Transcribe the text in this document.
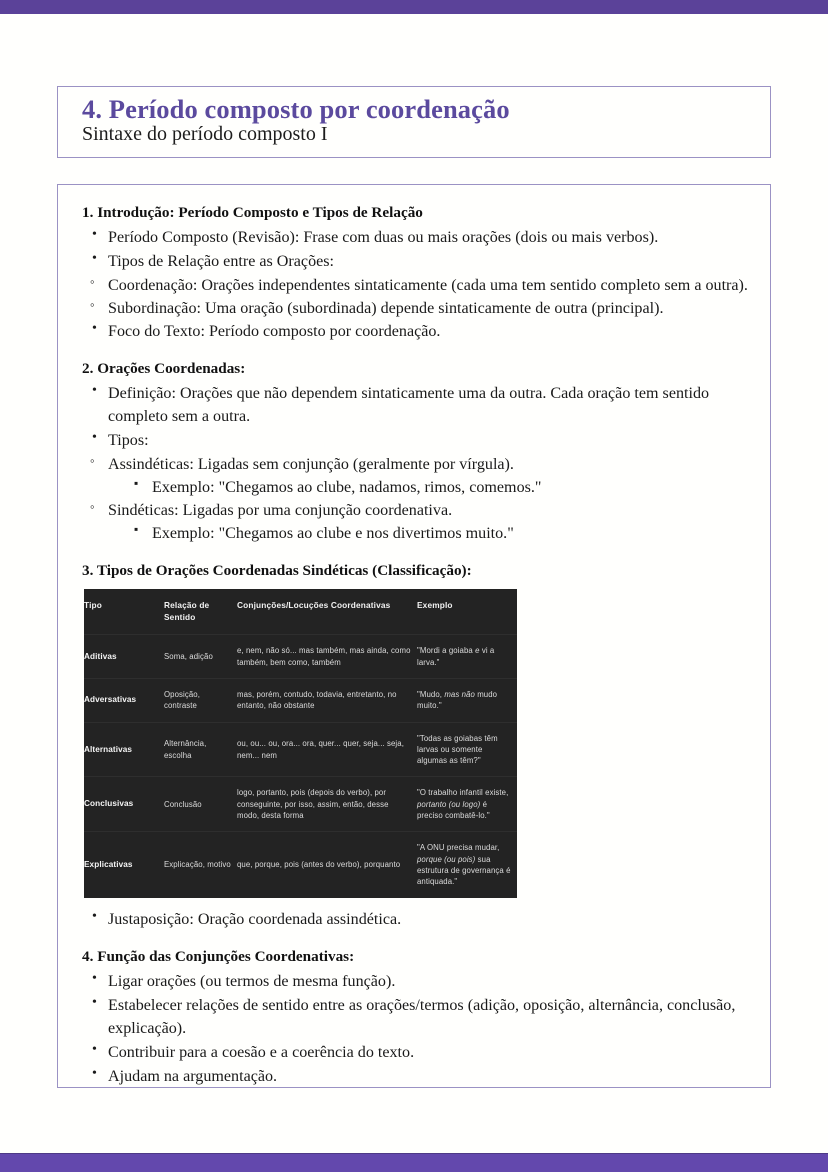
4. Período composto por coordenação
Sintaxe do período composto I

1. Introdução: Período Composto e Tipos de Relação

• Período Composto (Revisão): Frase com duas ou mais orações (dois ou mais verbos).
• Tipos de Relação entre as Orações:
◦ Coordenação: Orações independentes sintaticamente (cada uma tem sentido completo sem a outra).
◦ Subordinação: Uma oração (subordinada) depende sintaticamente de outra (principal).
• Foco do Texto: Período composto por coordenação.

2. Orações Coordenadas:

• Definição: Orações que não dependem sintaticamente uma da outra. Cada oração tem sentido completo sem a outra.
• Tipos:
◦ Assindéticas: Ligadas sem conjunção (geralmente por vírgula).
▪ Exemplo: "Chegamos ao clube, nadamos, rimos, comemos."
◦ Sindéticas: Ligadas por uma conjunção coordenativa.
▪ Exemplo: "Chegamos ao clube e nos divertimos muito."

3. Tipos de Orações Coordenadas Sindéticas (Classificação):

Tipo	Relação de Sentido	Conjunções/Locuções Coordenativas	Exemplo
Aditivas	Soma, adição	e, nem, não só... mas também, mas ainda, como também, bem como, também	"Mordi a goiaba e vi a larva."
Adversativas	Oposição, contraste	mas, porém, contudo, todavia, entretanto, no entanto, não obstante	"Mudo, mas não mudo muito."
Alternativas	Alternância, escolha	ou, ou... ou, ora... ora, quer... quer, seja... seja, nem... nem	"Todas as goiabas têm larvas ou somente algumas as têm?"
Conclusivas	Conclusão	logo, portanto, pois (depois do verbo), por conseguinte, por isso, assim, então, desse modo, desta forma	"O trabalho infantil existe, portanto (ou logo) é preciso combatê-lo."
Explicativas	Explicação, motivo	que, porque, pois (antes do verbo), porquanto	"A ONU precisa mudar, porque (ou pois) sua estrutura de governança é antiquada."
• Justaposição: Oração coordenada assindética.

4. Função das Conjunções Coordenativas:

• Ligar orações (ou termos de mesma função).
• Estabelecer relações de sentido entre as orações/termos (adição, oposição, alternância, conclusão, explicação).
• Contribuir para a coesão e a coerência do texto.
• Ajudam na argumentação.
